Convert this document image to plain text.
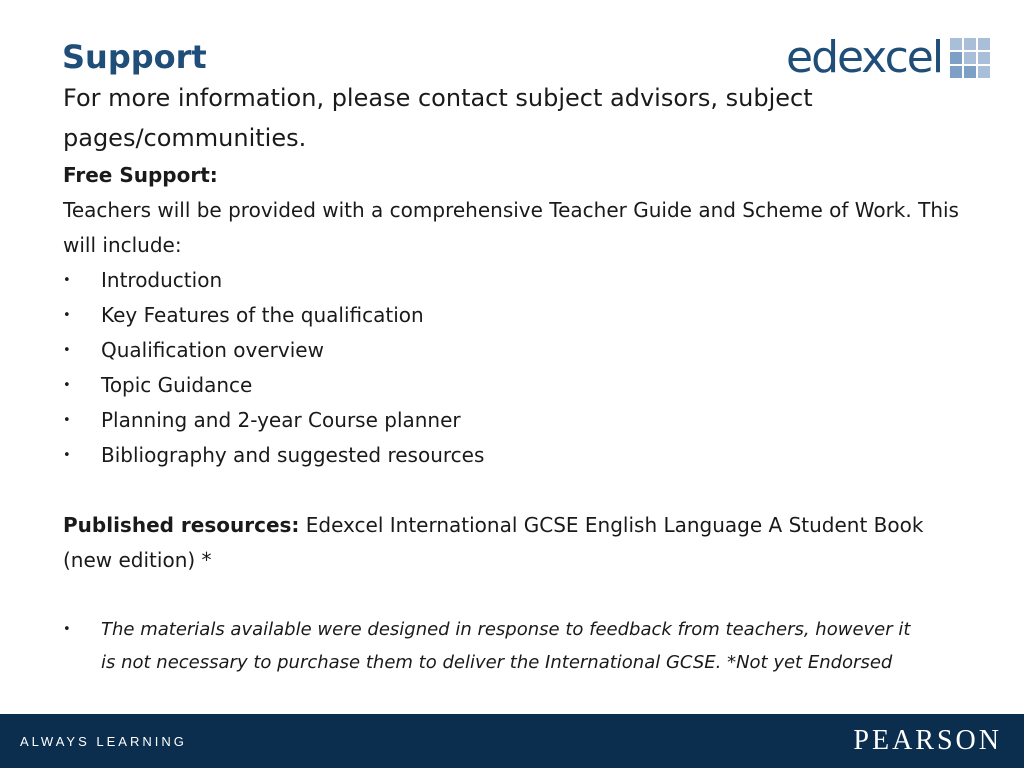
Support	edexcel

For more information, please contact subject advisors, subject pages/communities.

Free Support:

Teachers will be provided with a comprehensive Teacher Guide and Scheme of Work. This will include:

• Introduction
• Key Features of the qualification
• Qualification overview
• Topic Guidance
• Planning and 2-year Course planner
• Bibliography and suggested resources

Published resources: Edexcel International GCSE English Language A Student Book (new edition) *

• The materials available were designed in response to feedback from teachers, however it is not necessary to purchase them to deliver the International GCSE. *Not yet Endorsed

ALWAYS LEARNING	PEARSON
